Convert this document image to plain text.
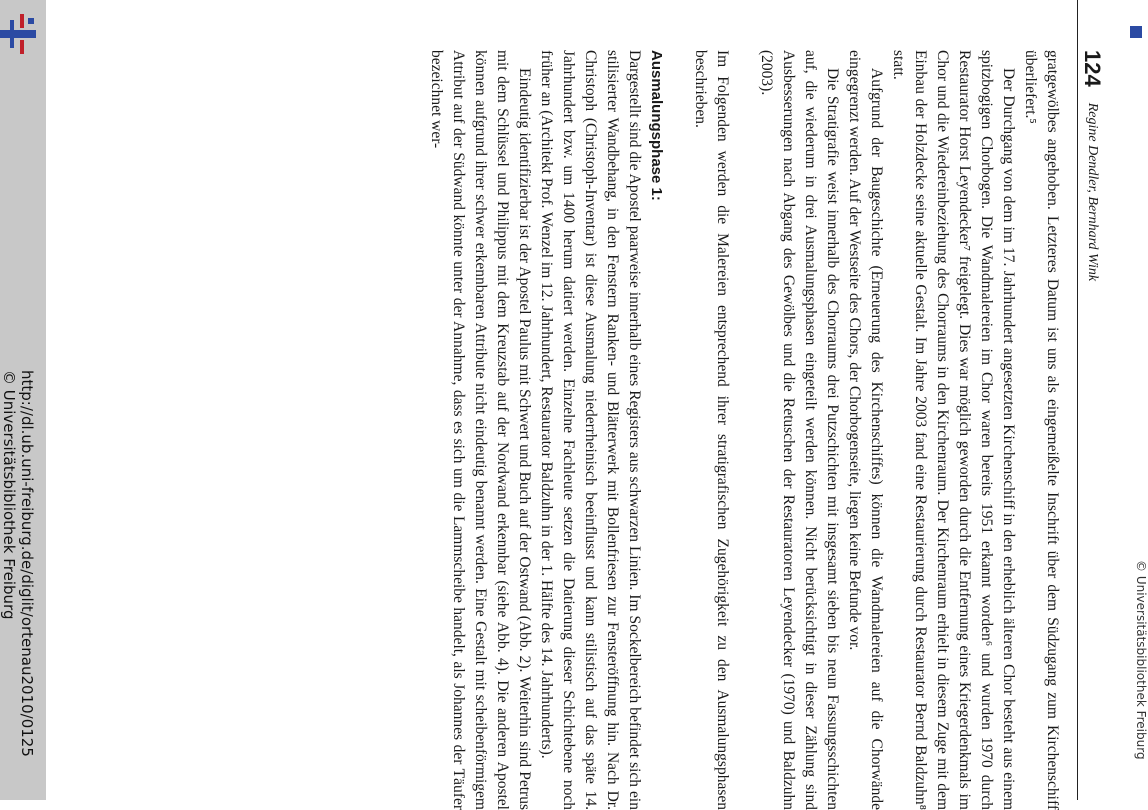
http://dl.ub.uni-freiburg.de/diglit/ortenau2010/0125
© Universitätsbibliothek Freiburg
© Universitätsbibliothek Freiburg
124 Regine Dendler, Bernhard Wink

gratgewölbes angehoben. Letzteres Datum ist uns als eingemeißelte Inschrift über dem Südzugang zum Kirchenschiff überliefert.⁵

Der Durchgang von dem im 17. Jahrhundert angesetzten Kirchenschiff in den erheblich älteren Chor besteht aus einem spitzbogigen Chorbogen. Die Wandmalereien im Chor waren bereits 1951 erkannt worden⁶ und wurden 1970 durch Restaurator Horst Leyendecker⁷ freigelegt. Dies war möglich geworden durch die Entfernung eines Kriegerdenkmals im Chor und die Wiedereinbeziehung des Chorraums in den Kirchenraum. Der Kirchenraum erhielt in diesem Zuge mit dem Einbau der Holzdecke seine aktuelle Gestalt. Im Jahre 2003 fand eine Restaurierung durch Restaurator Bernd Baldzuhn⁸ statt.

Aufgrund der Baugeschichte (Erneuerung des Kirchenschiffes) können die Wandmalereien auf die Chorwände eingegrenzt werden. Auf der Westseite des Chors, der Chorbogenseite, liegen keine Befunde vor.

Die Stratigrafie weist innerhalb des Chorraums drei Putzschichten mit insgesamt sieben bis neun Fassungsschichten auf, die wiederum in drei Ausmalungsphasen eingeteilt werden können. Nicht berücksichtigt in dieser Zählung sind Ausbesserungen nach Abgang des Gewölbes und die Retuschen der Restauratoren Leyendecker (1970) und Baldzuhn (2003).

Im Folgenden werden die Malereien entsprechend ihrer stratigrafischen Zugehörigkeit zu den Ausmalungsphasen beschrieben.

Ausmalungsphase 1:

Dargestellt sind die Apostel paarweise innerhalb eines Registers aus schwarzen Linien. Im Sockelbereich befindet sich ein stilisierter Wandbehang, in den Fenstern Ranken- und Blätterwerk mit Bollenfriesen zur Fensteröffnung hin. Nach Dr. Christoph (Christoph-Inventar) ist diese Ausmalung niederrheinisch beeinflusst und kann stilistisch auf das späte 14. Jahrhundert bzw. um 1400 herum datiert werden. Einzelne Fachleute setzen die Datierung dieser Schichtebene noch früher an (Architekt Prof. Wenzel im 12. Jahrhundert, Restaurator Baldzuhn in der 1. Hälfte des 14. Jahrhunderts).

Eindeutig identifizierbar ist der Apostel Paulus mit Schwert und Buch auf der Ostwand (Abb. 2). Weiterhin sind Petrus mit dem Schlüssel und Philippus mit dem Kreuzstab auf der Nordwand erkennbar (siehe Abb. 4). Die anderen Apostel können aufgrund ihrer schwer erkennbaren Attribute nicht eindeutig benannt werden. Eine Gestalt mit scheibenförmigem Attribut auf der Südwand könnte unter der Annahme, dass es sich um die Lammscheibe handelt, als Johannes der Täufer bezeichnet wer-
